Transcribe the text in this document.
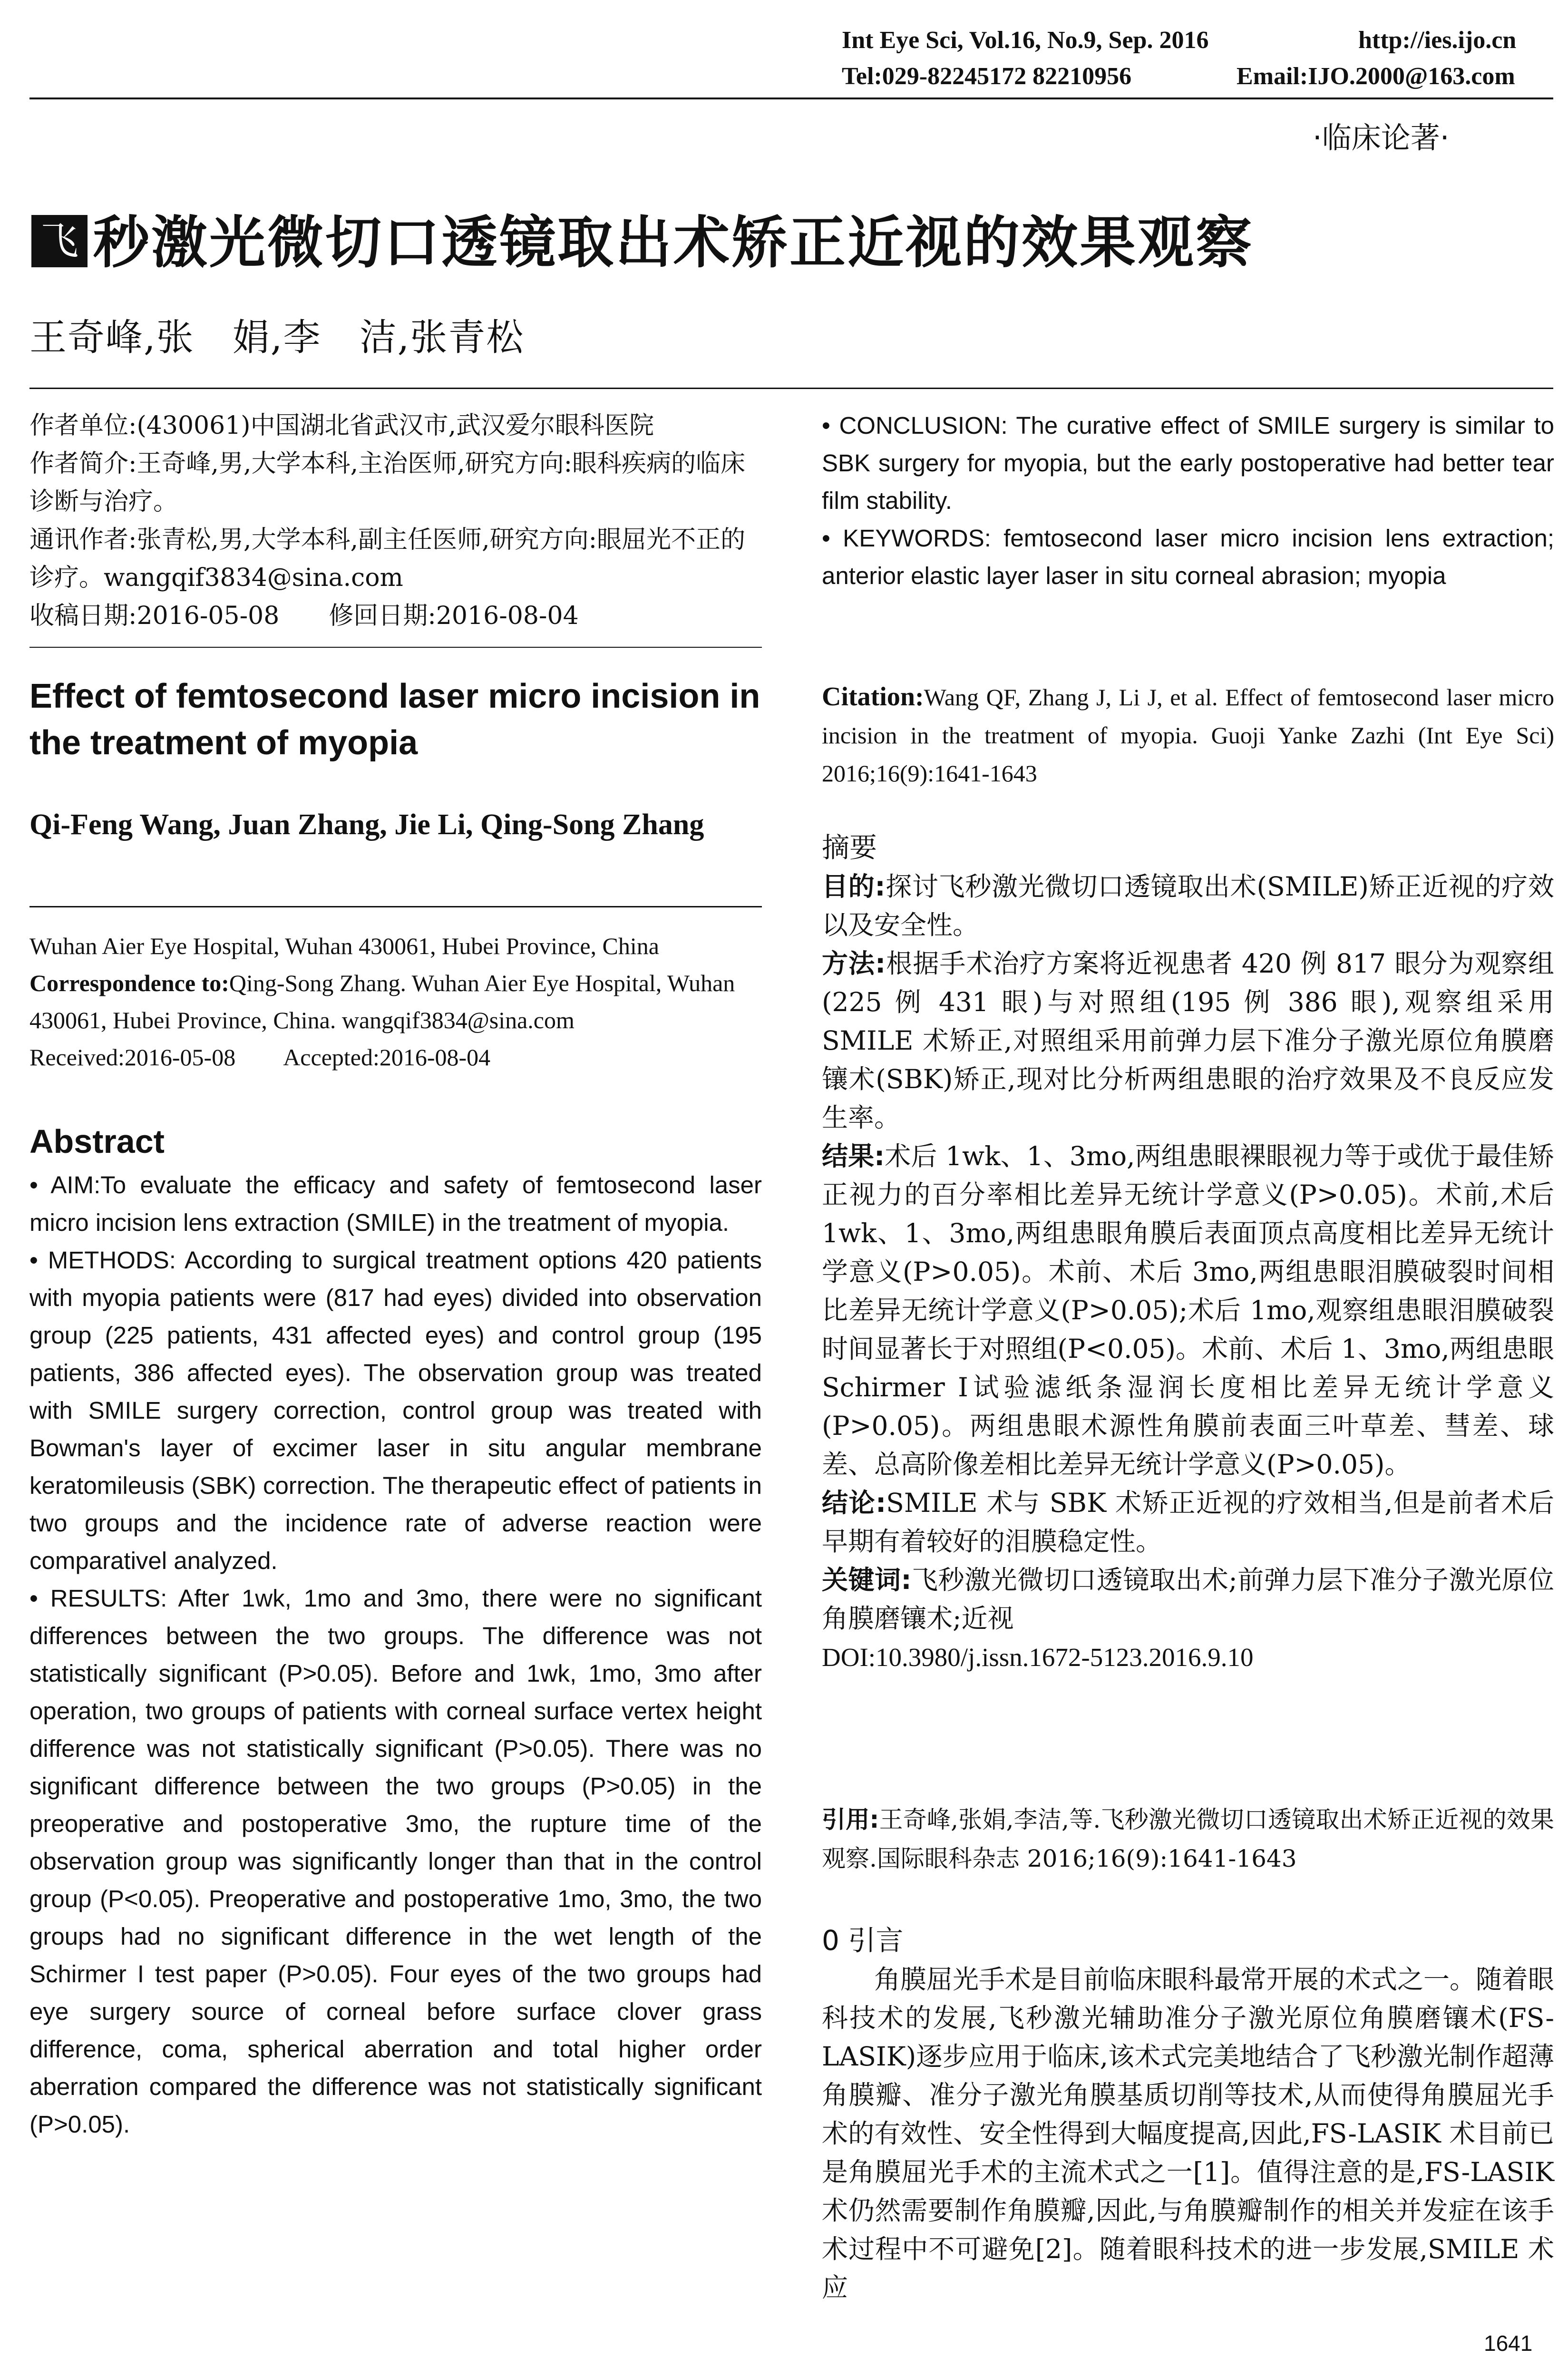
Int Eye Sci, Vol.16, No.9, Sep. 2016	http://ies.ijo.cn
Tel:029-82245172 82210956	Email:IJO.2000@163.com
·临床论著·
飞 秒激光微切口透镜取出术矫正近视的效果观察
王奇峰,张　娟,李　洁,张青松
作者单位:(430061)中国湖北省武汉市,武汉爱尔眼科医院
作者简介:王奇峰,男,大学本科,主治医师,研究方向:眼科疾病的临床诊断与治疗。
通讯作者:张青松,男,大学本科,副主任医师,研究方向:眼屈光不正的诊疗。wangqif3834@sina.com
收稿日期:2016-05-08　　修回日期:2016-08-04
Effect of femtosecond laser micro incision in the treatment of myopia
Qi-Feng Wang, Juan Zhang, Jie Li, Qing-Song Zhang
Wuhan Aier Eye Hospital, Wuhan 430061, Hubei Province, China
Correspondence to:Qing-Song Zhang. Wuhan Aier Eye Hospital, Wuhan 430061, Hubei Province, China. wangqif3834@sina.com
Received:2016-05-08　　Accepted:2016-08-04
Abstract

• AIM:To evaluate the efficacy and safety of femtosecond laser micro incision lens extraction (SMILE) in the treatment of myopia.

• METHODS: According to surgical treatment options 420 patients with myopia patients were (817 had eyes) divided into observation group (225 patients, 431 affected eyes) and control group (195 patients, 386 affected eyes). The observation group was treated with SMILE surgery correction, control group was treated with Bowman's layer of excimer laser in situ angular membrane keratomileusis (SBK) correction. The therapeutic effect of patients in two groups and the incidence rate of adverse reaction were comparativel analyzed.

• RESULTS: After 1wk, 1mo and 3mo, there were no significant differences between the two groups. The difference was not statistically significant (P>0.05). Before and 1wk, 1mo, 3mo after operation, two groups of patients with corneal surface vertex height difference was not statistically significant (P>0.05). There was no significant difference between the two groups (P>0.05) in the preoperative and postoperative 3mo, the rupture time of the observation group was significantly longer than that in the control group (P<0.05). Preoperative and postoperative 1mo, 3mo, the two groups had no significant difference in the wet length of the Schirmer I test paper (P>0.05). Four eyes of the two groups had eye surgery source of corneal before surface clover grass difference, coma, spherical aberration and total higher order aberration compared the difference was not statistically significant (P>0.05).

• CONCLUSION: The curative effect of SMILE surgery is similar to SBK surgery for myopia, but the early postoperative had better tear film stability.

• KEYWORDS: femtosecond laser micro incision lens extraction; anterior elastic layer laser in situ corneal abrasion; myopia

Citation:Wang QF, Zhang J, Li J, et al. Effect of femtosecond laser micro incision in the treatment of myopia. Guoji Yanke Zazhi (Int Eye Sci) 2016;16(9):1641-1643

摘要

目的:探讨飞秒激光微切口透镜取出术(SMILE)矫正近视的疗效以及安全性。

方法:根据手术治疗方案将近视患者 420 例 817 眼分为观察组(225 例 431 眼)与对照组(195 例 386 眼),观察组采用 SMILE 术矫正,对照组采用前弹力层下准分子激光原位角膜磨镶术(SBK)矫正,现对比分析两组患眼的治疗效果及不良反应发生率。

结果:术后 1wk、1、3mo,两组患眼裸眼视力等于或优于最佳矫正视力的百分率相比差异无统计学意义(P>0.05)。术前,术后 1wk、1、3mo,两组患眼角膜后表面顶点高度相比差异无统计学意义(P>0.05)。术前、术后 3mo,两组患眼泪膜破裂时间相比差异无统计学意义(P>0.05);术后 1mo,观察组患眼泪膜破裂时间显著长于对照组(P<0.05)。术前、术后 1、3mo,两组患眼 Schirmer Ⅰ试验滤纸条湿润长度相比差异无统计学意义(P>0.05)。两组患眼术源性角膜前表面三叶草差、彗差、球差、总高阶像差相比差异无统计学意义(P>0.05)。

结论:SMILE 术与 SBK 术矫正近视的疗效相当,但是前者术后早期有着较好的泪膜稳定性。

关键词:飞秒激光微切口透镜取出术;前弹力层下准分子激光原位角膜磨镶术;近视

DOI:10.3980/j.issn.1672-5123.2016.9.10

引用:王奇峰,张娟,李洁,等.飞秒激光微切口透镜取出术矫正近视的效果观察.国际眼科杂志 2016;16(9):1641-1643

0 引言

角膜屈光手术是目前临床眼科最常开展的术式之一。随着眼科技术的发展,飞秒激光辅助准分子激光原位角膜磨镶术(FS-LASIK)逐步应用于临床,该术式完美地结合了飞秒激光制作超薄角膜瓣、准分子激光角膜基质切削等技术,从而使得角膜屈光手术的有效性、安全性得到大幅度提高,因此,FS-LASIK 术目前已是角膜屈光手术的主流术式之一[1]。值得注意的是,FS-LASIK 术仍然需要制作角膜瓣,因此,与角膜瓣制作的相关并发症在该手术过程中不可避免[2]。随着眼科技术的进一步发展,SMILE 术应

1641
